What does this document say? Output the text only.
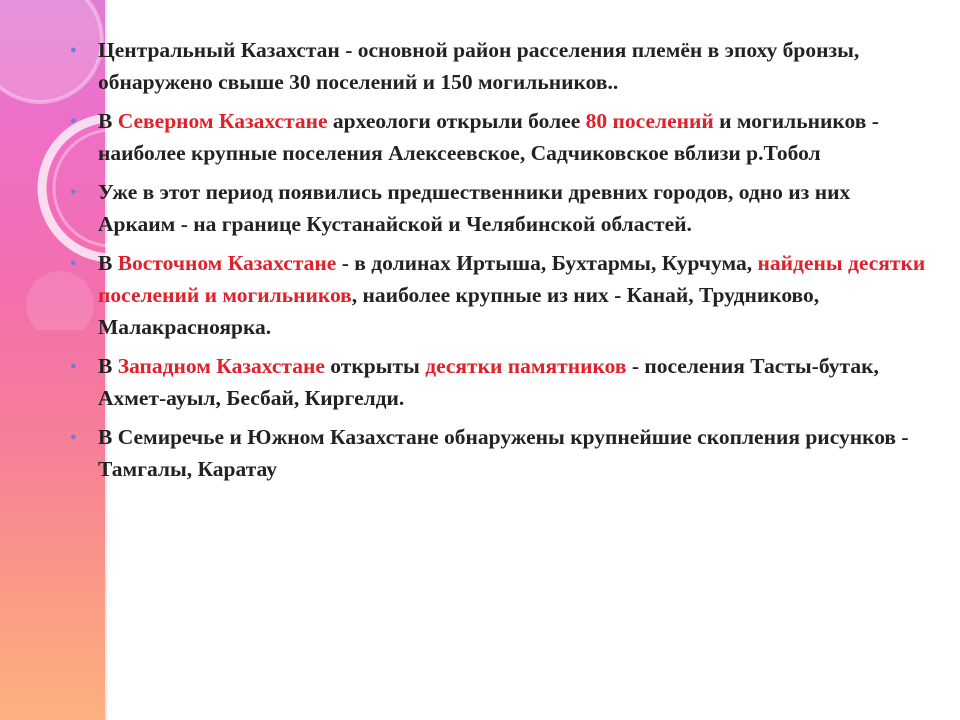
● Центральный Казахстан - основной район расселения племён в эпоху бронзы, обнаружено свыше 30 поселений и 150 могильников..
● В Северном Казахстане археологи открыли более 80 поселений и могильников - наиболее крупные поселения Алексеевское, Садчиковское вблизи р.Тобол
● Уже в этот период появились предшественники древних городов, одно из них Аркаим - на границе Кустанайской и Челябинской областей.
● В Восточном Казахстане - в долинах Иртыша, Бухтармы, Курчума, найдены десятки поселений и могильников, наиболее крупные из них - Канай, Трудниково, Малакрасноярка.
● В Западном Казахстане открыты десятки памятников - поселения Тасты-бутак, Ахмет-ауыл, Бесбай, Киргелди.
● В Семиречье и Южном Казахстане обнаружены крупнейшие скопления рисунков - Тамгалы, Каратау
